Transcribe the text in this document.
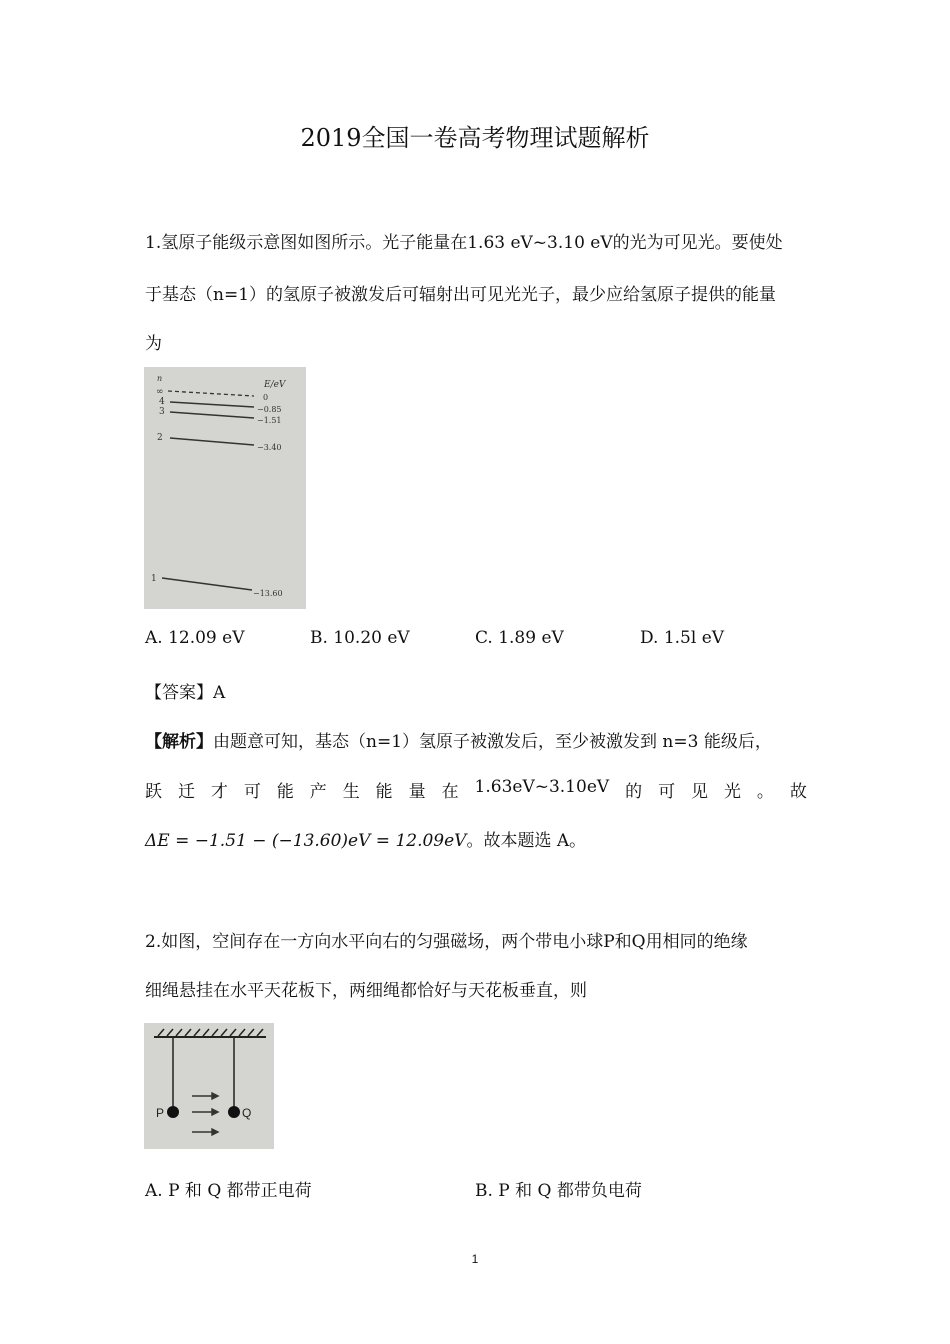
2019全国一卷高考物理试题解析
1.氢原子能级示意图如图所示。光子能量在1.63 eV~3.10 eV的光为可见光。要使处
于基态（n=1）的氢原子被激发后可辐射出可见光光子，最少应给氢原子提供的能量
为
n
E/eV
∞
0
4
−0.85
3
−1.51
2
−3.40
1
−13.60
A. 12.09 eV	B. 10.20 eV	C. 1.89 eV	D. 1.5l eV
【答案】A
【解析】由题意可知，基态（n=1）氢原子被激发后，至少被激发到 n=3 能级后，
跃 迁 才 可 能 产 生 能 量 在 1.63eV~3.10eV 的 可 见 光 。 故
ΔE = −1.51 − (−13.60)eV = 12.09eV。故本题选 A。
2.如图，空间存在一方向水平向右的匀强磁场，两个带电小球P和Q用相同的绝缘
细绳悬挂在水平天花板下，两细绳都恰好与天花板垂直，则
P	Q
A. P 和 Q 都带正电荷	B. P 和 Q 都带负电荷
1
